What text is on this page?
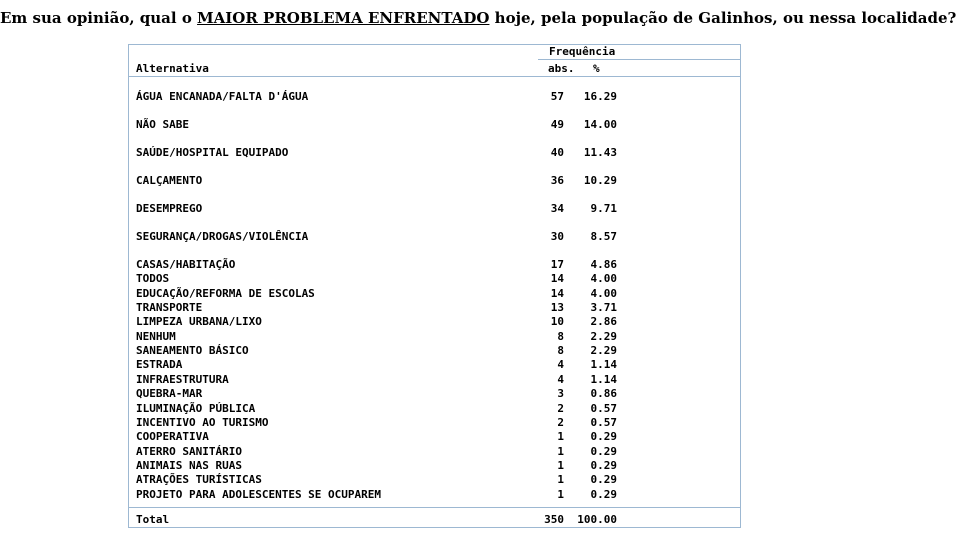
Em sua opinião, qual o MAIOR PROBLEMA ENFRENTADO hoje, pela população de Galinhos, ou nessa localidade?
Frequência
Alternativa	abs. %
ÁGUA ENCANADA/FALTA D'ÁGUA	57 16.29
NÃO SABE	49 14.00
SAÚDE/HOSPITAL EQUIPADO	40 11.43
CALÇAMENTO	36 10.29
DESEMPREGO	34 9.71
SEGURANÇA/DROGAS/VIOLÊNCIA	30 8.57
CASAS/HABITAÇÃO	17 4.86
TODOS	14 4.00
EDUCAÇÃO/REFORMA DE ESCOLAS	14 4.00
TRANSPORTE	13 3.71
LIMPEZA URBANA/LIXO	10 2.86
NENHUM	8 2.29
SANEAMENTO BÁSICO	8 2.29
ESTRADA	4 1.14
INFRAESTRUTURA	4 1.14
QUEBRA-MAR	3 0.86
ILUMINAÇÃO PÚBLICA	2 0.57
INCENTIVO AO TURISMO	2 0.57
COOPERATIVA	1 0.29
ATERRO SANITÁRIO	1 0.29
ANIMAIS NAS RUAS	1 0.29
ATRAÇÕES TURÍSTICAS	1 0.29
PROJETO PARA ADOLESCENTES SE OCUPAREM	1 0.29
Total	350 100.00
